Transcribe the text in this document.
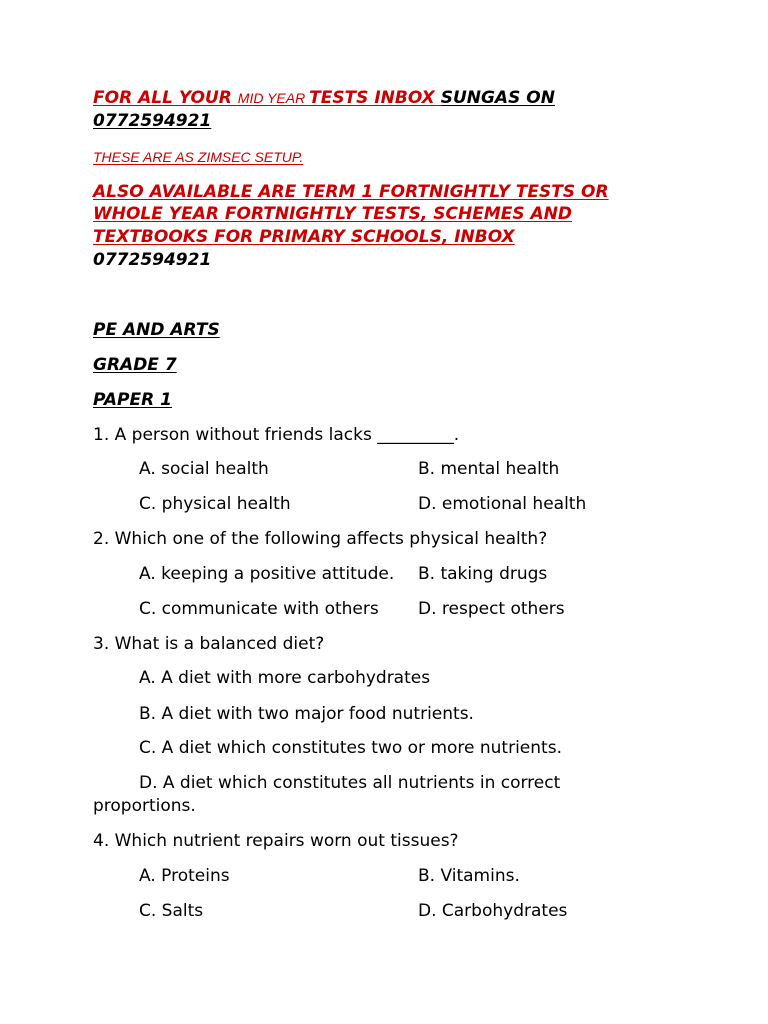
FOR ALL YOUR MID YEAR TESTS INBOX SUNGAS ON
0772594921
THESE ARE AS ZIMSEC SETUP.
ALSO AVAILABLE ARE TERM 1 FORTNIGHTLY TESTS OR
WHOLE YEAR FORTNIGHTLY TESTS, SCHEMES AND
TEXTBOOKS FOR PRIMARY SCHOOLS, INBOX
0772594921
PE AND ARTS
GRADE 7
PAPER 1
1. A person without friends lacks _________.
A. social health	B. mental health
C. physical health	D. emotional health
2. Which one of the following affects physical health?
A. keeping a positive attitude. B. taking drugs
C. communicate with others D. respect others
3. What is a balanced diet?
A. A diet with more carbohydrates
B. A diet with two major food nutrients.
C. A diet which constitutes two or more nutrients.
D. A diet which constitutes all nutrients in correct
proportions.
4. Which nutrient repairs worn out tissues?
A. Proteins	B. Vitamins.
C. Salts	D. Carbohydrates
